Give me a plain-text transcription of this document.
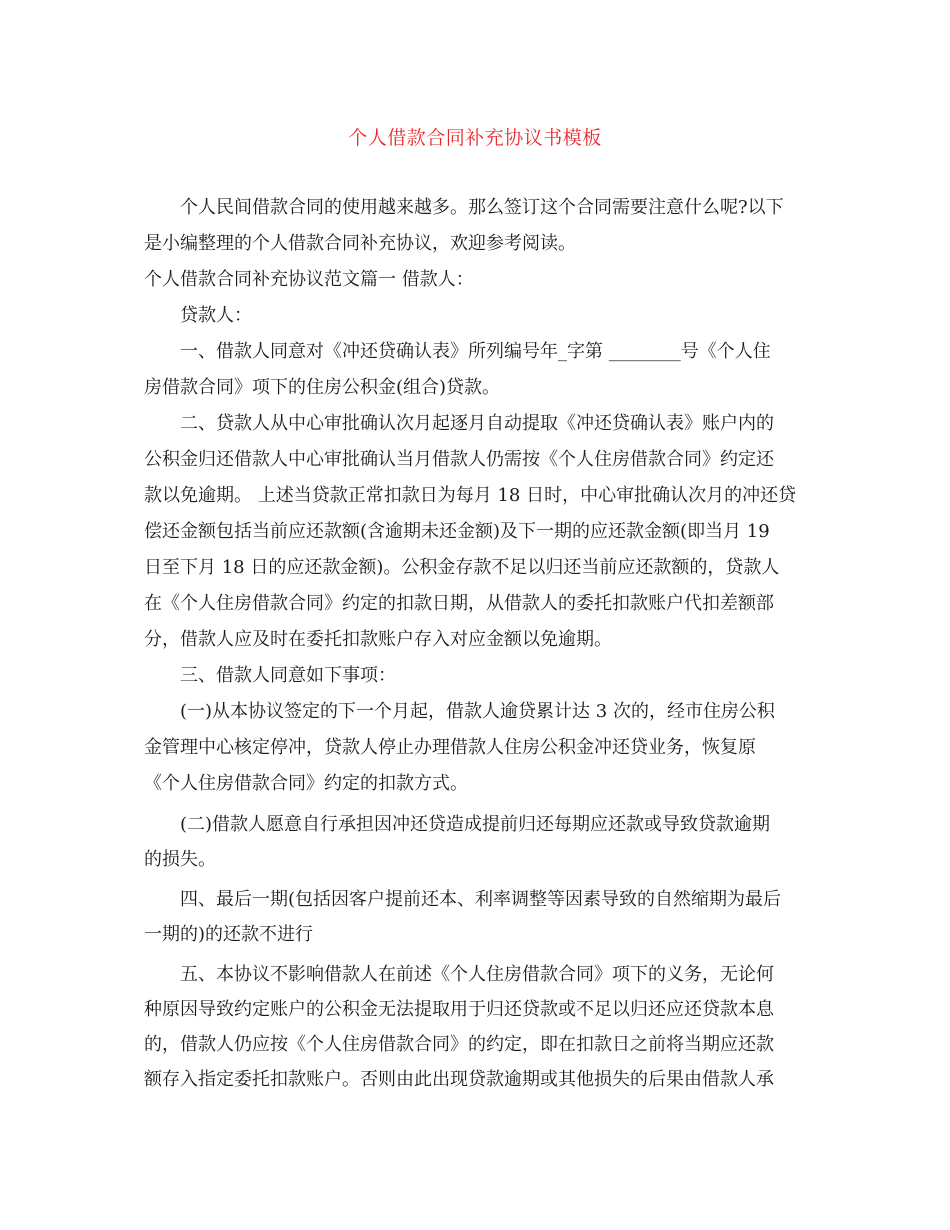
个人借款合同补充协议书模板
个人民间借款合同的使用越来越多。那么签订这个合同需要注意什么呢?以下
是小编整理的个人借款合同补充协议，欢迎参考阅读。
个人借款合同补充协议范文篇一 借款人：
贷款人：
一、借款人同意对《冲还贷确认表》所列编号年_字第 ________号《个人住
房借款合同》项下的住房公积金(组合)贷款。
二、贷款人从中心审批确认次月起逐月自动提取《冲还贷确认表》账户内的
公积金归还借款人中心审批确认当月借款人仍需按《个人住房借款合同》约定还
款以免逾期。 上述当贷款正常扣款日为每月 18 日时，中心审批确认次月的冲还贷
偿还金额包括当前应还款额(含逾期未还金额)及下一期的应还款金额(即当月 19
日至下月 18 日的应还款金额)。公积金存款不足以归还当前应还款额的，贷款人
在《个人住房借款合同》约定的扣款日期，从借款人的委托扣款账户代扣差额部
分，借款人应及时在委托扣款账户存入对应金额以免逾期。
三、借款人同意如下事项：
(一)从本协议签定的下一个月起，借款人逾贷累计达 3 次的，经市住房公积
金管理中心核定停冲，贷款人停止办理借款人住房公积金冲还贷业务，恢复原
《个人住房借款合同》约定的扣款方式。
(二)借款人愿意自行承担因冲还贷造成提前归还每期应还款或导致贷款逾期
的损失。
四、最后一期(包括因客户提前还本、利率调整等因素导致的自然缩期为最后
一期的)的还款不进行
五、本协议不影响借款人在前述《个人住房借款合同》项下的义务，无论何
种原因导致约定账户的公积金无法提取用于归还贷款或不足以归还应还贷款本息
的，借款人仍应按《个人住房借款合同》的约定，即在扣款日之前将当期应还款
额存入指定委托扣款账户。否则由此出现贷款逾期或其他损失的后果由借款人承
